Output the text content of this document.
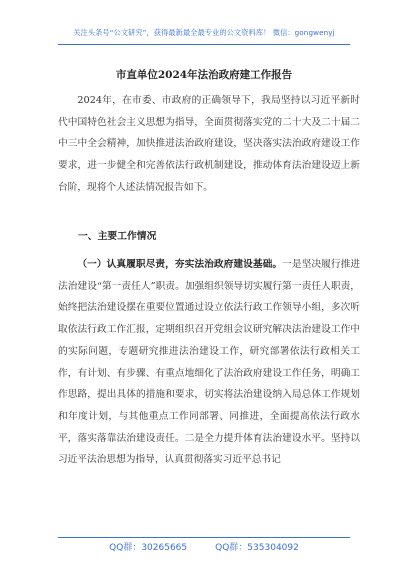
关注头条号“公文研究”，获得最新最全最专业的公文资料库！ 微信：gongwenyj
市直单位2024年法治政府建工作报告
2024年，在市委、市政府的正确领导下，我局坚持以习近平新时代中国特色社会主义思想为指导，全面贯彻落实党的二十大及二十届二中三中全会精神，加快推进法治政府建设，坚决落实法治政府建设工作要求，进一步健全和完善依法行政机制建设，推动体育法治建设迈上新台阶，现将个人述法情况报告如下。
一、主要工作情况
（一）认真履职尽责，夯实法治政府建设基础。一是坚决履行推进法治建设“第一责任人”职责。加强组织领导切实履行第一责任人职责，始终把法治建设摆在重要位置通过设立依法行政工作领导小组，多次听取依法行政工作汇报，定期组织召开党组会议研究解决法治建设工作中的实际问题，专题研究推进法治建设工作，研究部署依法行政相关工作，有计划、有步骤、有重点地细化了法治政府建设工作任务，明确工作思路，提出具体的措施和要求，切实将法治建设纳入局总体工作规划和年度计划，与其他重点工作同部署、同推进，全面提高依法行政水平，落实落靠法治建设责任。二是全力提升体育法治建设水平。坚持以习近平法治思想为指导，认真贯彻落实习近平总书记
QQ群：30265665	QQ群：535304092
